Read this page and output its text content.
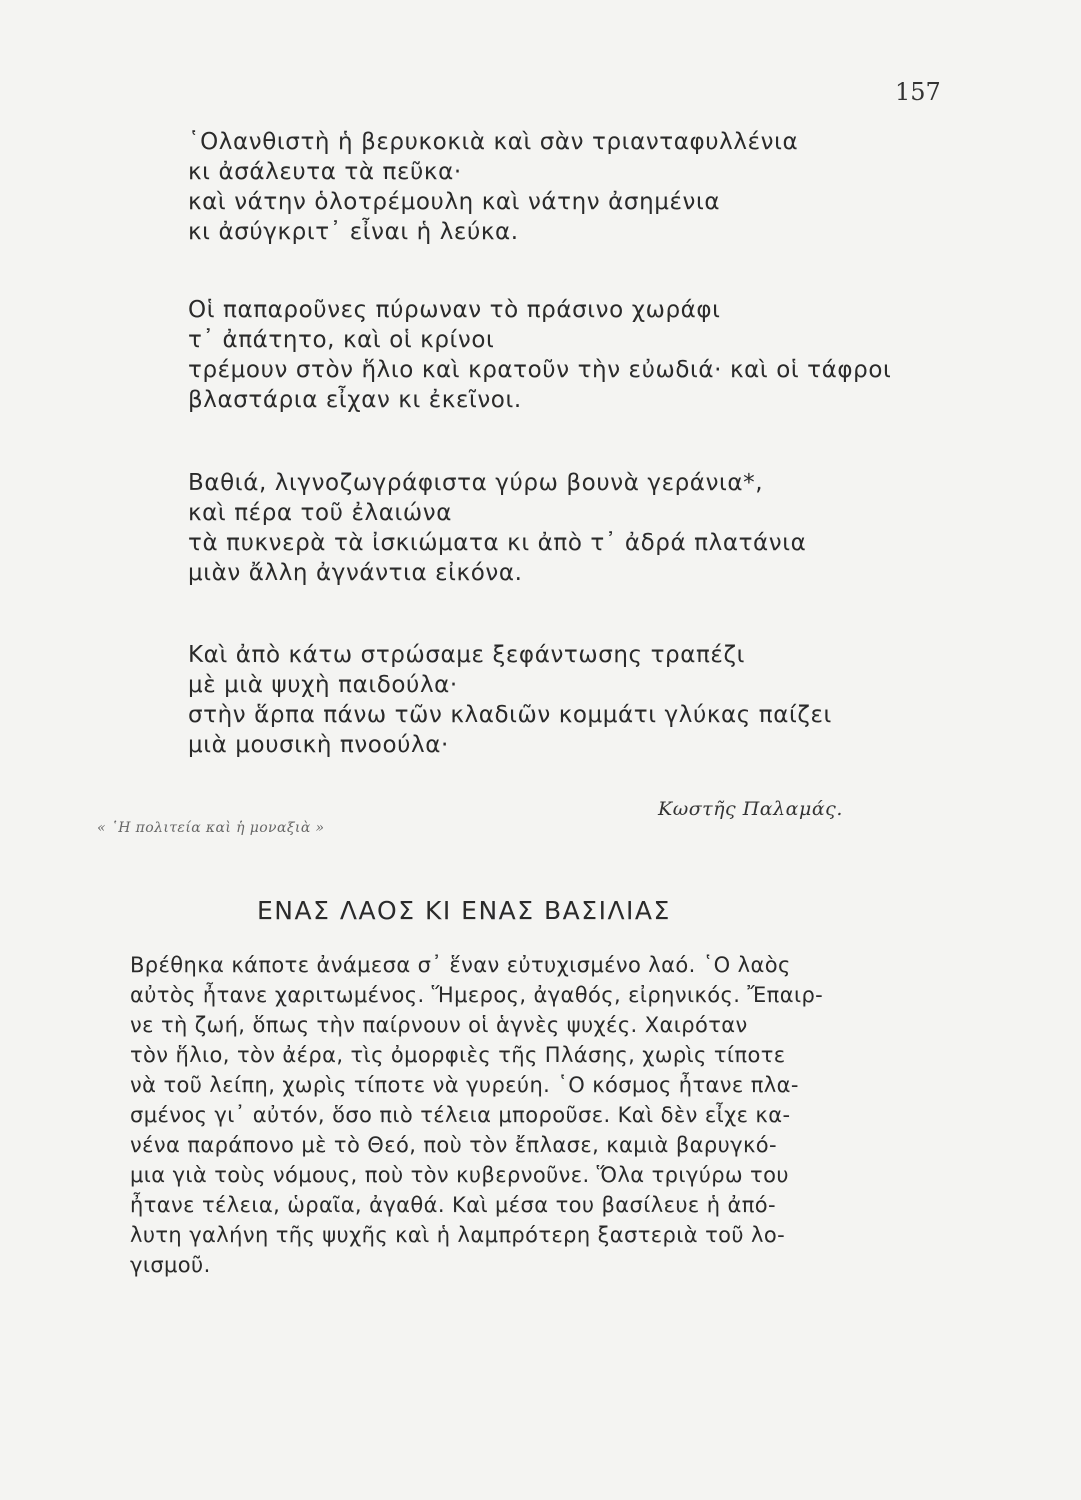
157
῾Ολανθιστὴ ἡ βερυκοκιὰ καὶ σὰν τριανταφυλλένια
κι ἀσάλευτα τὰ πεῦκα·
καὶ νάτην ὁλοτρέμουλη καὶ νάτην ἀσημένια
κι ἀσύγκριτ᾽ εἶναι ἡ λεύκα.
Οἱ παπαροῦνες πύρωναν τὸ πράσινο χωράφι
τ᾽ ἀπάτητο, καὶ οἱ κρίνοι
τρέμουν στὸν ἥλιο καὶ κρατοῦν τὴν εὐωδιά· καὶ οἱ τάφροι
βλαστάρια εἶχαν κι ἐκεῖνοι.
Βαθιά, λιγνοζωγράφιστα γύρω βουνὰ γεράνια*,
καὶ πέρα τοῦ ἐλαιώνα
τὰ πυκνερὰ τὰ ἰσκιώματα κι ἀπὸ τ᾽ ἀδρά πλατάνια
μιὰν ἄλλη ἀγνάντια εἰκόνα.
Καὶ ἀπὸ κάτω στρώσαμε ξεφάντωσης τραπέζι
μὲ μιὰ ψυχὴ παιδούλα·
στὴν ἅρπα πάνω τῶν κλαδιῶν κομμάτι γλύκας παίζει
μιὰ μουσικὴ πνοούλα·
Κωστῆς Παλαμάς.
« ῾Η πολιτεία καὶ ἡ μοναξιὰ »
ΕΝΑΣ ΛΑΟΣ ΚΙ ΕΝΑΣ ΒΑΣΙΛΙΑΣ
Βρέθηκα κάποτε ἀνάμεσα σ᾽ ἕναν εὐτυχισμένο λαό. ῾Ο λαὸς
αὐτὸς ἦτανε χαριτωμένος. Ἥμερος, ἀγαθός, εἰρηνικός. Ἔπαιρ-
νε τὴ ζωή, ὅπως τὴν παίρνουν οἱ ἁγνὲς ψυχές. Χαιρόταν
τὸν ἥλιο, τὸν ἀέρα, τὶς ὀμορφιὲς τῆς Πλάσης, χωρὶς τίποτε
νὰ τοῦ λείπη, χωρὶς τίποτε νὰ γυρεύη. ῾Ο κόσμος ἦτανε πλα-
σμένος γι᾽ αὐτόν, ὅσο πιὸ τέλεια μποροῦσε. Καὶ δὲν εἶχε κα-
νένα παράπονο μὲ τὸ Θεό, ποὺ τὸν ἔπλασε, καμιὰ βαρυγκό-
μια γιὰ τοὺς νόμους, ποὺ τὸν κυβερνοῦνε. Ὅλα τριγύρω του
ἦτανε τέλεια, ὡραῖα, ἀγαθά. Καὶ μέσα του βασίλευε ἡ ἀπό-
λυτη γαλήνη τῆς ψυχῆς καὶ ἡ λαμπρότερη ξαστεριὰ τοῦ λο-
γισμοῦ.
